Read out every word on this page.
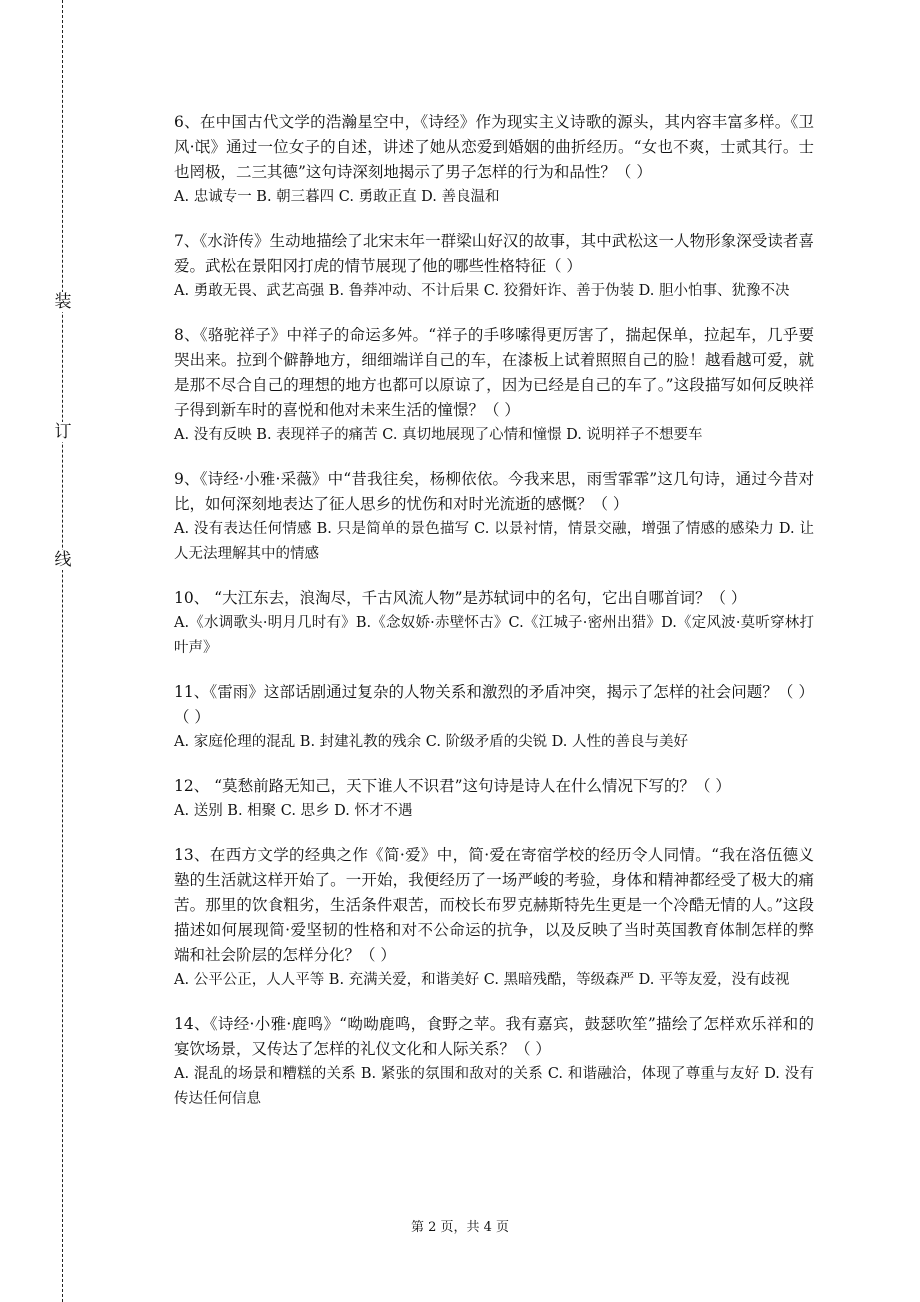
装
订
线
6、在中国古代文学的浩瀚星空中，《诗经》作为现实主义诗歌的源头，其内容丰富多样。《卫风·氓》通过一位女子的自述，讲述了她从恋爱到婚姻的曲折经历。“女也不爽，士贰其行。士也罔极，二三其德”这句诗深刻地揭示了男子怎样的行为和品性？（ ）
A. 忠诚专一 B. 朝三暮四 C. 勇敢正直 D. 善良温和
7、《水浒传》生动地描绘了北宋末年一群梁山好汉的故事，其中武松这一人物形象深受读者喜爱。武松在景阳冈打虎的情节展现了他的哪些性格特征（ ）
A. 勇敢无畏、武艺高强 B. 鲁莽冲动、不计后果 C. 狡猾奸诈、善于伪装 D. 胆小怕事、犹豫不决
8、《骆驼祥子》中祥子的命运多舛。“祥子的手哆嗦得更厉害了，揣起保单，拉起车，几乎要哭出来。拉到个僻静地方，细细端详自己的车，在漆板上试着照照自己的脸！越看越可爱，就是那不尽合自己的理想的地方也都可以原谅了，因为已经是自己的车了。”这段描写如何反映祥子得到新车时的喜悦和他对未来生活的憧憬？（ ）
A. 没有反映 B. 表现祥子的痛苦 C. 真切地展现了心情和憧憬 D. 说明祥子不想要车
9、《诗经·小雅·采薇》中“昔我往矣，杨柳依依。今我来思，雨雪霏霏”这几句诗，通过今昔对比，如何深刻地表达了征人思乡的忧伤和对时光流逝的感慨？（ ）
A. 没有表达任何情感 B. 只是简单的景色描写 C. 以景衬情，情景交融，增强了情感的感染力 D. 让人无法理解其中的情感
10、 “大江东去，浪淘尽，千古风流人物”是苏轼词中的名句，它出自哪首词？（ ）
A.《水调歌头·明月几时有》B.《念奴娇·赤壁怀古》C.《江城子·密州出猎》D.《定风波·莫听穿林打叶声》
11、《雷雨》这部话剧通过复杂的人物关系和激烈的矛盾冲突，揭示了怎样的社会问题？（ ） （ ）
A. 家庭伦理的混乱 B. 封建礼教的残余 C. 阶级矛盾的尖锐 D. 人性的善良与美好
12、 “莫愁前路无知己，天下谁人不识君”这句诗是诗人在什么情况下写的？（ ）
A. 送别 B. 相聚 C. 思乡 D. 怀才不遇
13、在西方文学的经典之作《简·爱》中，简·爱在寄宿学校的经历令人同情。“我在洛伍德义塾的生活就这样开始了。一开始，我便经历了一场严峻的考验，身体和精神都经受了极大的痛苦。那里的饮食粗劣，生活条件艰苦，而校长布罗克赫斯特先生更是一个冷酷无情的人。”这段描述如何展现简·爱坚韧的性格和对不公命运的抗争，以及反映了当时英国教育体制怎样的弊端和社会阶层的怎样分化？（ ）
A. 公平公正，人人平等 B. 充满关爱，和谐美好 C. 黑暗残酷，等级森严 D. 平等友爱，没有歧视
14、《诗经·小雅·鹿鸣》“呦呦鹿鸣，食野之苹。我有嘉宾，鼓瑟吹笙”描绘了怎样欢乐祥和的宴饮场景，又传达了怎样的礼仪文化和人际关系？（ ）
A. 混乱的场景和糟糕的关系 B. 紧张的氛围和敌对的关系 C. 和谐融洽，体现了尊重与友好 D. 没有传达任何信息
第 2 页，共 4 页
